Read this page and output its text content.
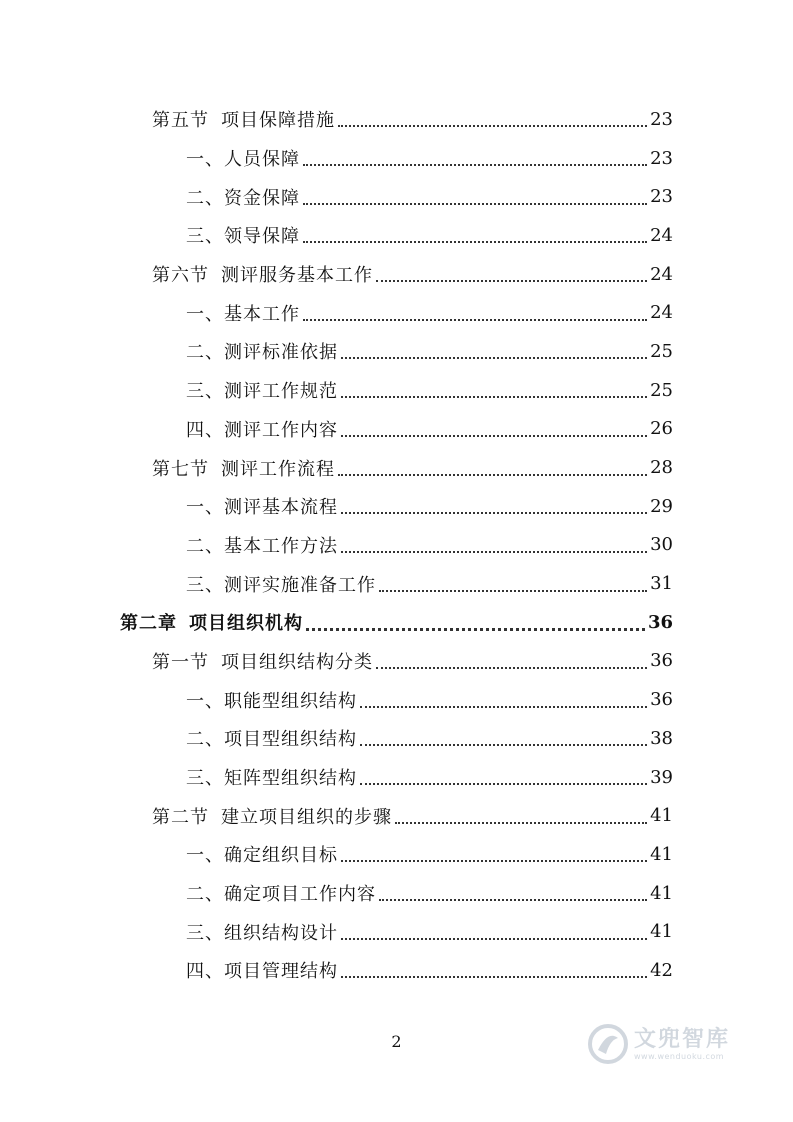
第五节 项目保障措施	23
一、人员保障	23
二、资金保障	23
三、领导保障	24
第六节 测评服务基本工作	24
一、基本工作	24
二、测评标准依据	25
三、测评工作规范	25
四、测评工作内容	26
第七节 测评工作流程	28
一、测评基本流程	29
二、基本工作方法	30
三、测评实施准备工作	31
第二章 项目组织机构	36
第一节 项目组织结构分类	36
一、职能型组织结构	36
二、项目型组织结构	38
三、矩阵型组织结构	39
第二节 建立项目组织的步骤	41
一、确定组织目标	41
二、确定项目工作内容	41
三、组织结构设计	41
四、项目管理结构	42
2	文兜智库
www.wenduoku.com
